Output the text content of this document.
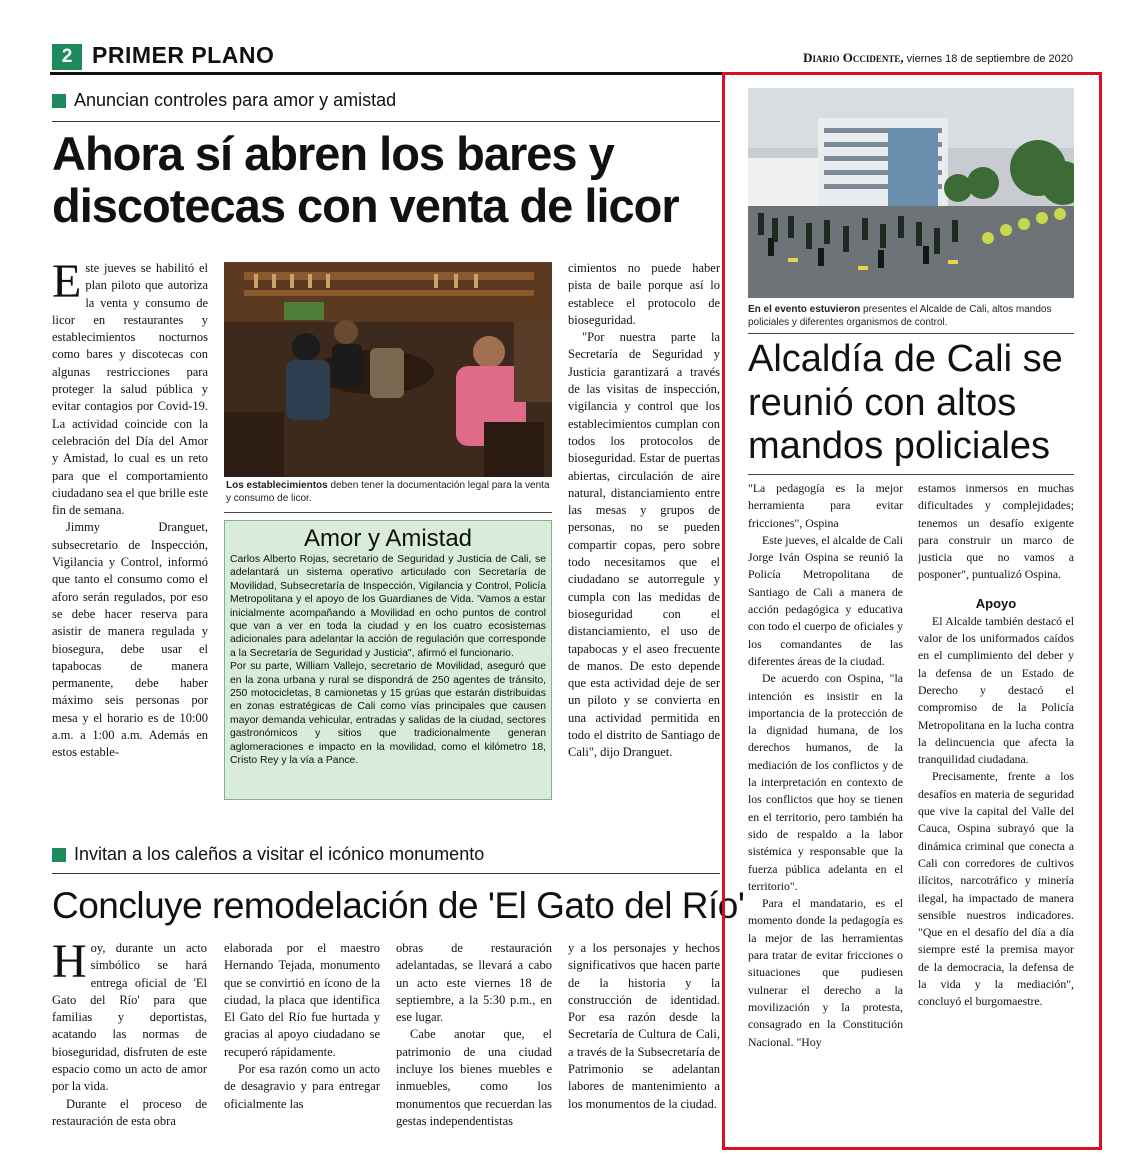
2 PRIMER PLANO	Diario Occidente, viernes 18 de septiembre de 2020
Anuncian controles para amor y amistad
Ahora sí abren los bares y discotecas con venta de licor

Este jueves se habilitó el plan piloto que autoriza la venta y consumo de licor en restaurantes y establecimientos nocturnos como bares y discotecas con algunas restricciones para proteger la salud pública y evitar contagios por Covid-19. La actividad coincide con la celebración del Día del Amor y Amistad, lo cual es un reto para que el comportamiento ciudadano sea el que brille este fin de semana.

Jimmy Dranguet, subsecretario de Inspección, Vigilancia y Control, informó que tanto el consumo como el aforo serán regulados, por eso se debe hacer reserva para asistir de manera regulada y biosegura, debe usar el tapabocas de manera permanente, debe haber máximo seis personas por mesa y el horario es de 10:00 a.m. a 1:00 a.m. Además en estos estable-

Los establecimientos deben tener la documentación legal para la venta y consumo de licor.
Amor y Amistad

Carlos Alberto Rojas, secretario de Seguridad y Justicia de Cali, se adelantará un sistema operativo articulado con Secretaría de Movilidad, Subsecretaría de Inspección, Vigilancia y Control, Policía Metropolitana y el apoyo de los Guardianes de Vida. 'Vamos a estar inicialmente acompañando a Movilidad en ocho puntos de control que van a ver en toda la ciudad y en los cuatro ecosistemas adicionales para adelantar la acción de regulación que corresponde a la Secretaría de Seguridad y Justicia", afirmó el funcionario.

Por su parte, William Vallejo, secretario de Movilidad, aseguró que en la zona urbana y rural se dispondrá de 250 agentes de tránsito, 250 motocicletas, 8 camionetas y 15 grúas que estarán distribuidas en zonas estratégicas de Cali como vías principales que causen mayor demanda vehicular, entradas y salidas de la ciudad, sectores gastronómicos y sitios que tradicionalmente generan aglomeraciones e impacto en la movilidad, como el kilómetro 18, Cristo Rey y la vía a Pance.

cimientos no puede haber pista de baile porque así lo establece el protocolo de bioseguridad.

"Por nuestra parte la Secretaría de Seguridad y Justicia garantizará a través de las visitas de inspección, vigilancia y control que los establecimientos cumplan con todos los protocolos de bioseguridad. Estar de puertas abiertas, circulación de aire natural, distanciamiento entre las mesas y grupos de personas, no se pueden compartir copas, pero sobre todo necesitamos que el ciudadano se autorregule y cumpla con las medidas de bioseguridad con el distanciamiento, el uso de tapabocas y el aseo frecuente de manos. De esto depende que esta actividad deje de ser un piloto y se convierta en una actividad permitida en todo el distrito de Santiago de Cali", dijo Dranguet.

Invitan a los caleños a visitar el icónico monumento
Concluye remodelación de 'El Gato del Río'

Hoy, durante un acto simbólico se hará entrega oficial de 'El Gato del Río' para que familias y deportistas, acatando las normas de bioseguridad, disfruten de este espacio como un acto de amor por la vida.

Durante el proceso de restauración de esta obra

elaborada por el maestro Hernando Tejada, monumento que se convirtió en ícono de la ciudad, la placa que identifica El Gato del Río fue hurtada y gracias al apoyo ciudadano se recuperó rápidamente.

Por esa razón como un acto de desagravio y para entregar oficialmente las

obras de restauración adelantadas, se llevará a cabo un acto este viernes 18 de septiembre, a la 5:30 p.m., en ese lugar.

Cabe anotar que, el patrimonio de una ciudad incluye los bienes muebles e inmuebles, como los monumentos que recuerdan las gestas independentistas

y a los personajes y hechos significativos que hacen parte de la historia y la construcción de identidad. Por esa razón desde la Secretaría de Cultura de Cali, a través de la Subsecretaría de Patrimonio se adelantan labores de mantenimiento a los monumentos de la ciudad.

En el evento estuvieron presentes el Alcalde de Cali, altos mandos policiales y diferentes organismos de control.
Alcaldía de Cali se reunió con altos mandos policiales

"La pedagogía es la mejor herramienta para evitar fricciones", Ospina

Este jueves, el alcalde de Cali Jorge Iván Ospina se reunió la Policía Metropolitana de Santiago de Cali a manera de acción pedagógica y educativa con todo el cuerpo de oficiales y los comandantes de las diferentes áreas de la ciudad.

De acuerdo con Ospina, "la intención es insistir en la importancia de la protección de la dignidad humana, de los derechos humanos, de la mediación de los conflictos y de la interpretación en contexto de los conflictos que hoy se tienen en el territorio, pero también ha sido de respaldo a la labor sistémica y responsable que la fuerza pública adelanta en el territorio".

Para el mandatario, es el momento donde la pedagogía es la mejor de las herramientas para tratar de evitar fricciones o situaciones que pudiesen vulnerar el derecho a la movilización y la protesta, consagrado en la Constitución Nacional. "Hoy

estamos inmersos en muchas dificultades y complejidades; tenemos un desafío exigente para construir un marco de justicia que no vamos a posponer", puntualizó Ospina.

Apoyo

El Alcalde también destacó el valor de los uniformados caídos en el cumplimiento del deber y la defensa de un Estado de Derecho y destacó el compromiso de la Policía Metropolitana en la lucha contra la delincuencia que afecta la tranquilidad ciudadana.

Precisamente, frente a los desafíos en materia de seguridad que vive la capital del Valle del Cauca, Ospina subrayó que la dinámica criminal que conecta a Cali con corredores de cultivos ilícitos, narcotráfico y minería ilegal, ha impactado de manera sensible nuestros indicadores. "Que en el desafío del día a día siempre esté la premisa mayor de la democracia, la defensa de la vida y la mediación", concluyó el burgomaestre.
